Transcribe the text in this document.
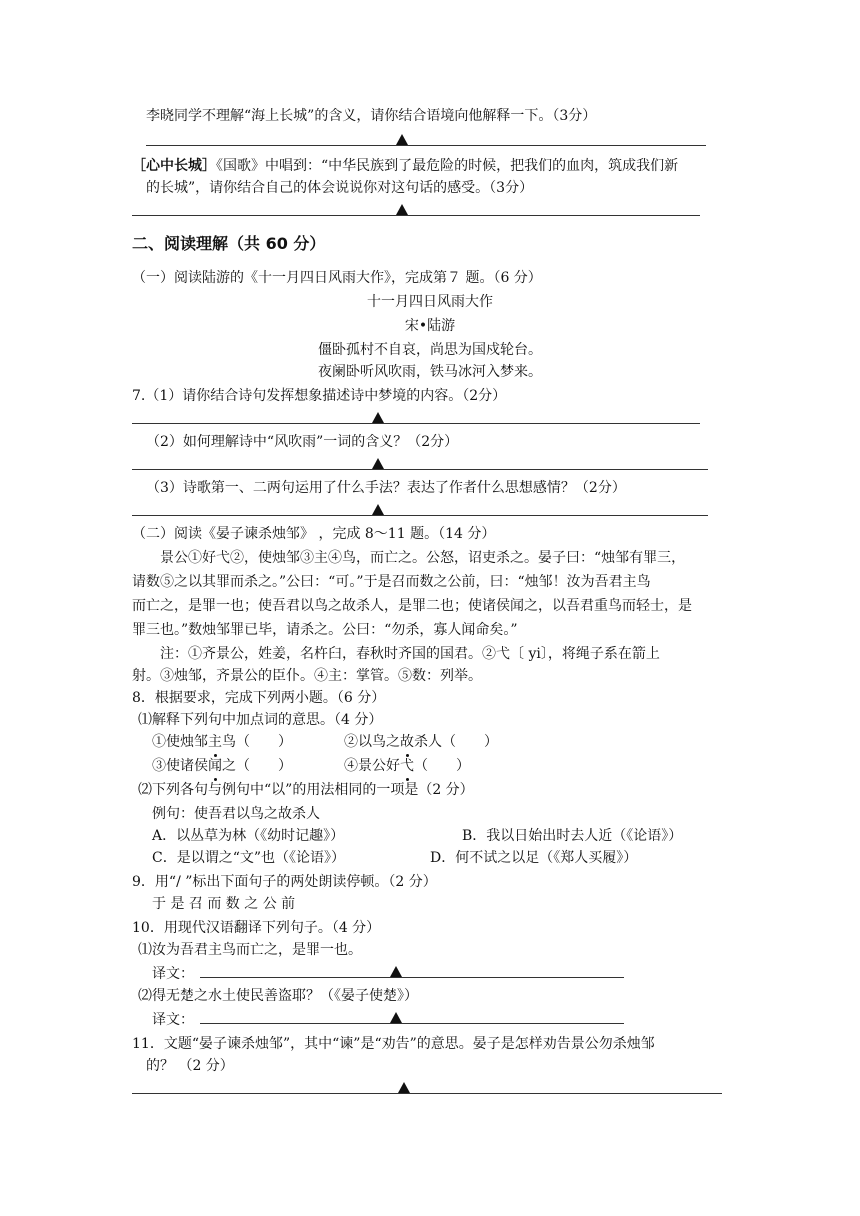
李晓同学不理解“海上长城”的含义，请你结合语境向他解释一下。（3分）
［心中长城］《国歌》中唱到：“中华民族到了最危险的时候，把我们的血肉，筑成我们新
的长城”，请你结合自己的体会说说你对这句话的感受。（3分）
二、阅读理解（共 60 分）
（一）阅读陆游的《十一月四日风雨大作》，完成第７ 题。（6 分）
十一月四日风雨大作
宋•陆游
僵卧孤村不自哀，尚思为国戍轮台。
夜阑卧听风吹雨，铁马冰河入梦来。
7.（1）请你结合诗句发挥想象描述诗中梦境的内容。（2分）
（2）如何理解诗中“风吹雨”一词的含义？（2分）
（3）诗歌第一、二两句运用了什么手法？表达了作者什么思想感情？（2分）
（二）阅读《晏子谏杀烛邹》 ，完成 8～11 题。（14 分）
景公①好弋②，使烛邹③主④鸟，而亡之。公怒，诏吏杀之。晏子曰：“烛邹有罪三，
请数⑤之以其罪而杀之。”公曰：“可。”于是召而数之公前，曰：“烛邹！汝为吾君主鸟
而亡之，是罪一也；使吾君以鸟之故杀人，是罪二也；使诸侯闻之，以吾君重鸟而轻士，是
罪三也。”数烛邹罪已毕，请杀之。公曰：“勿杀，寡人闻命矣。”
注：①齐景公，姓姜，名杵臼，春秋时齐国的国君。②弋〔 yi〕，将绳子系在箭上
射。③烛邹，齐景公的臣仆。④主：掌管。⑤数：列举。
8．根据要求，完成下列两小题。（6 分）
⑴解释下列句中加点词的意思。（4 分）
①使烛邹主鸟（　　）	②以鸟之故杀人（　　）
③使诸侯闻之（　　）	④景公好弋（　　）
⑵下列各句与例句中“以”的用法相同的一项是（2 分）
例句：使吾君以鸟之故杀人
A．以丛草为林（《幼时记趣》）	B．我以日始出时去人近（《论语》）
C．是以谓之“文”也（《论语》）	D．何不试之以足（《郑人买履》）
9．用“/ ”标出下面句子的两处朗读停顿。（2 分）
于 是 召 而 数 之 公 前
10．用现代汉语翻译下列句子。（4 分）
⑴汝为吾君主鸟而亡之，是罪一也。
译文：
⑵得无楚之水土使民善盗耶？（《晏子使楚》）
译文：
11．文题“晏子谏杀烛邹”，其中“谏”是“劝告”的意思。晏子是怎样劝告景公勿杀烛邹
的？ （2 分）
